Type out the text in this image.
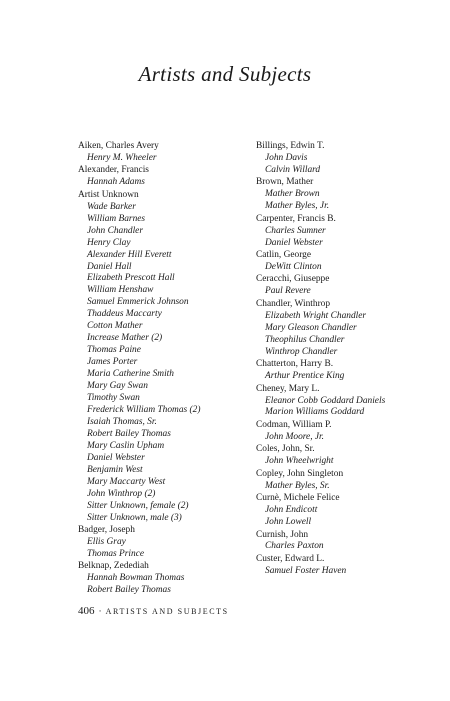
Artists and Subjects
Aiken, Charles Avery
Henry M. Wheeler
Alexander, Francis
Hannah Adams
Artist Unknown
Wade Barker
William Barnes
John Chandler
Henry Clay
Alexander Hill Everett
Daniel Hall
Elizabeth Prescott Hall
William Henshaw
Samuel Emmerick Johnson
Thaddeus Maccarty
Cotton Mather
Increase Mather (2)
Thomas Paine
James Porter
Maria Catherine Smith
Mary Gay Swan
Timothy Swan
Frederick William Thomas (2)
Isaiah Thomas, Sr.
Robert Bailey Thomas
Mary Caslin Upham
Daniel Webster
Benjamin West
Mary Maccarty West
John Winthrop (2)
Sitter Unknown, female (2)
Sitter Unknown, male (3)
Badger, Joseph
Ellis Gray
Thomas Prince
Belknap, Zedediah
Hannah Bowman Thomas
Robert Bailey Thomas
Billings, Edwin T.
John Davis
Calvin Willard
Brown, Mather
Mather Brown
Mather Byles, Jr.
Carpenter, Francis B.
Charles Sumner
Daniel Webster
Catlin, George
DeWitt Clinton
Ceracchi, Giuseppe
Paul Revere
Chandler, Winthrop
Elizabeth Wright Chandler
Mary Gleason Chandler
Theophilus Chandler
Winthrop Chandler
Chatterton, Harry B.
Arthur Prentice King
Cheney, Mary L.
Eleanor Cobb Goddard Daniels
Marion Williams Goddard
Codman, William P.
John Moore, Jr.
Coles, John, Sr.
John Wheelwright
Copley, John Singleton
Mather Byles, Sr.
Curnè, Michele Felice
John Endicott
John Lowell
Curnish, John
Charles Paxton
Custer, Edward L.
Samuel Foster Haven
406 · ARTISTS AND SUBJECTS
